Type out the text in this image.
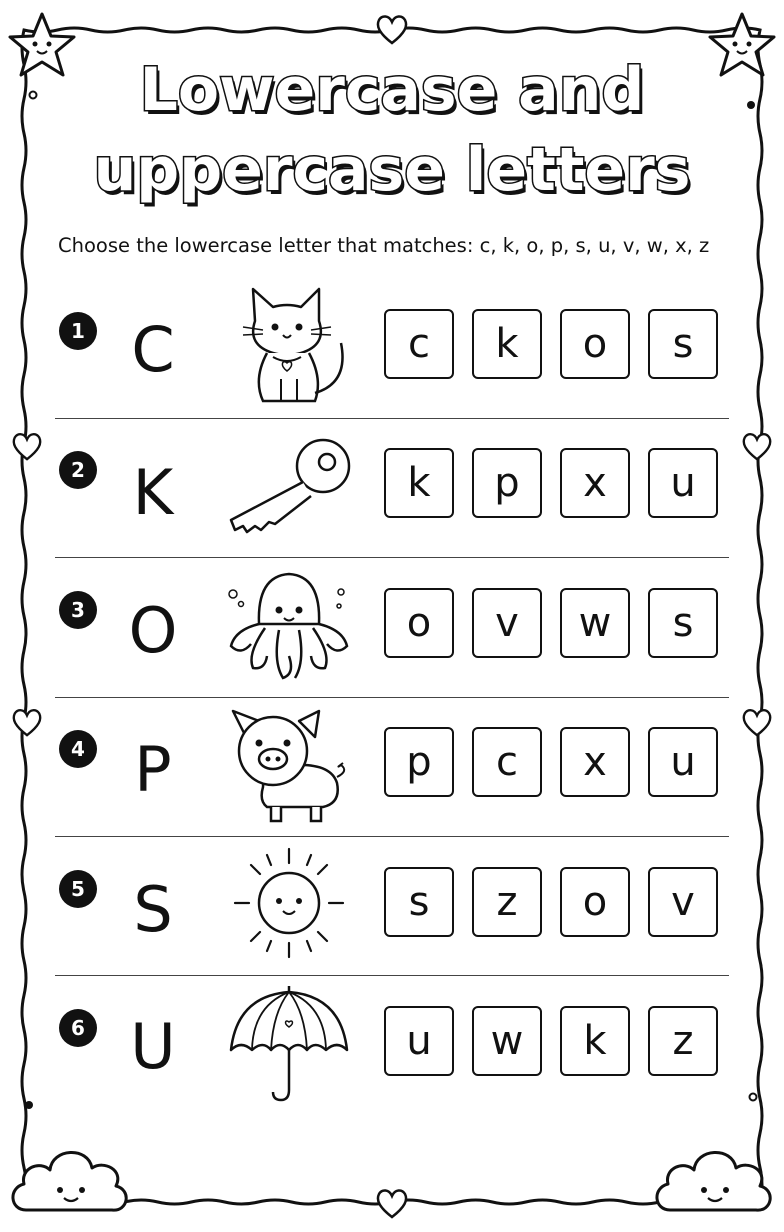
Lowercase and
uppercase letters
Choose the lowercase letter that matches: c, k, o, p, s, u, v, w, x, z
1 C	c	k	o	s
2 K	k	p	x	u
3 O	o	v	w	s
4 P	p	c	x	u
5 S	s	z	o	v
6 U	u	w	k	z
